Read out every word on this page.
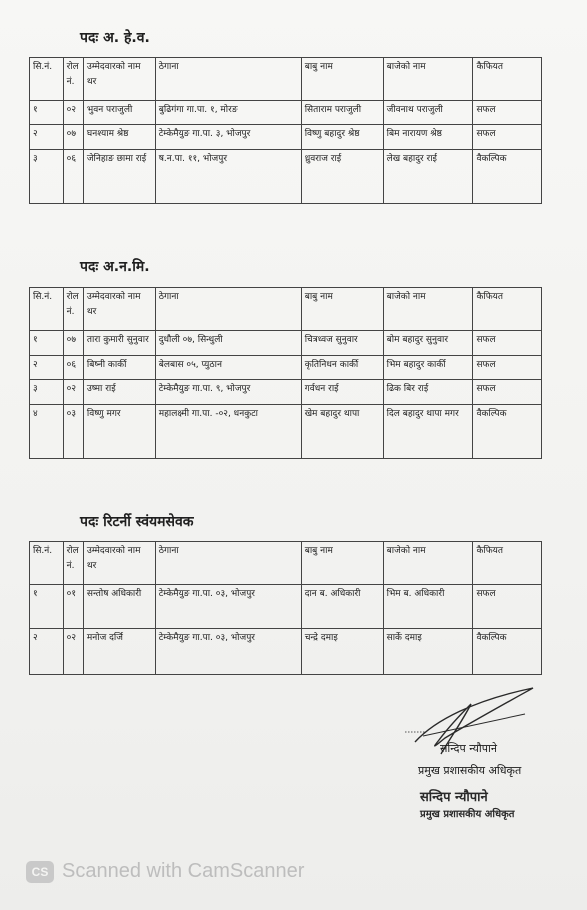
पदः अ. हे.व.
सि.नं.	रोल नं.	उम्मेदवारको नाम थर	ठेगाना	बाबु नाम	बाजेको नाम	कैफियत
१	०२	भुवन पराजुली	बुढिगंगा गा.पा. १, मोरङ	सिताराम पराजुली	जीवनाथ पराजुली	सफल
२	०७	घनश्याम श्रेष्ठ	टेम्केमैयुङ गा.पा. ३, भोजपुर	विष्णु बहादुर श्रेष्ठ	बिम नारायण श्रेष्ठ	सफल
३	०६	जेनिहाङ छामा राई	ष.न.पा. ११, भोजपुर	ध्रुवराज राई	लेख बहादुर राई	वैकल्पिक
पदः अ.न.मि.
सि.नं.	रोल नं.	उम्मेदवारको नाम थर	ठेगाना	बाबु नाम	बाजेको नाम	कैफियत
१	०७	तारा कुमारी सुनुवार	दुधौली ०७, सिन्धुली	चित्रध्वज सुनुवार	बोम बहादुर सुनुवार	सफल
२	०६	बिष्नी कार्की	बेलबास ०५, प्युठान	कृतिनिधन कार्की	भिम बहादुर कार्की	सफल
३	०२	उष्मा राई	टेम्केमैयुङ गा.पा. ९, भोजपुर	गर्वधन राई	ढिक बिर राई	सफल
४	०३	विष्णु मगर	महालक्ष्मी गा.पा. -०२, धनकुटा	खेम बहादुर थापा	दिल बहादुर थापा मगर	वैकल्पिक
पदः रिटर्नी स्वंयमसेवक
सि.नं.	रोल नं.	उम्मेदवारको नाम थर	ठेगाना	बाबु नाम	बाजेको नाम	कैफियत
१	०१	सन्तोष अधिकारी	टेम्केमैयुङ गा.पा. ०३, भोजपुर	दान ब. अधिकारी	भिम ब. अधिकारी	सफल
२	०२	मनोज दर्जि	टेम्केमैयुङ गा.पा. ०३, भोजपुर	चन्द्रे दमाइ	सार्के दमाइ	वैकल्पिक
सन्दिप न्यौपाने
प्रमुख प्रशासकीय अधिकृत
सन्दिप न्यौपाने
प्रमुख प्रशासकीय अधिकृत
CS Scanned with CamScanner
